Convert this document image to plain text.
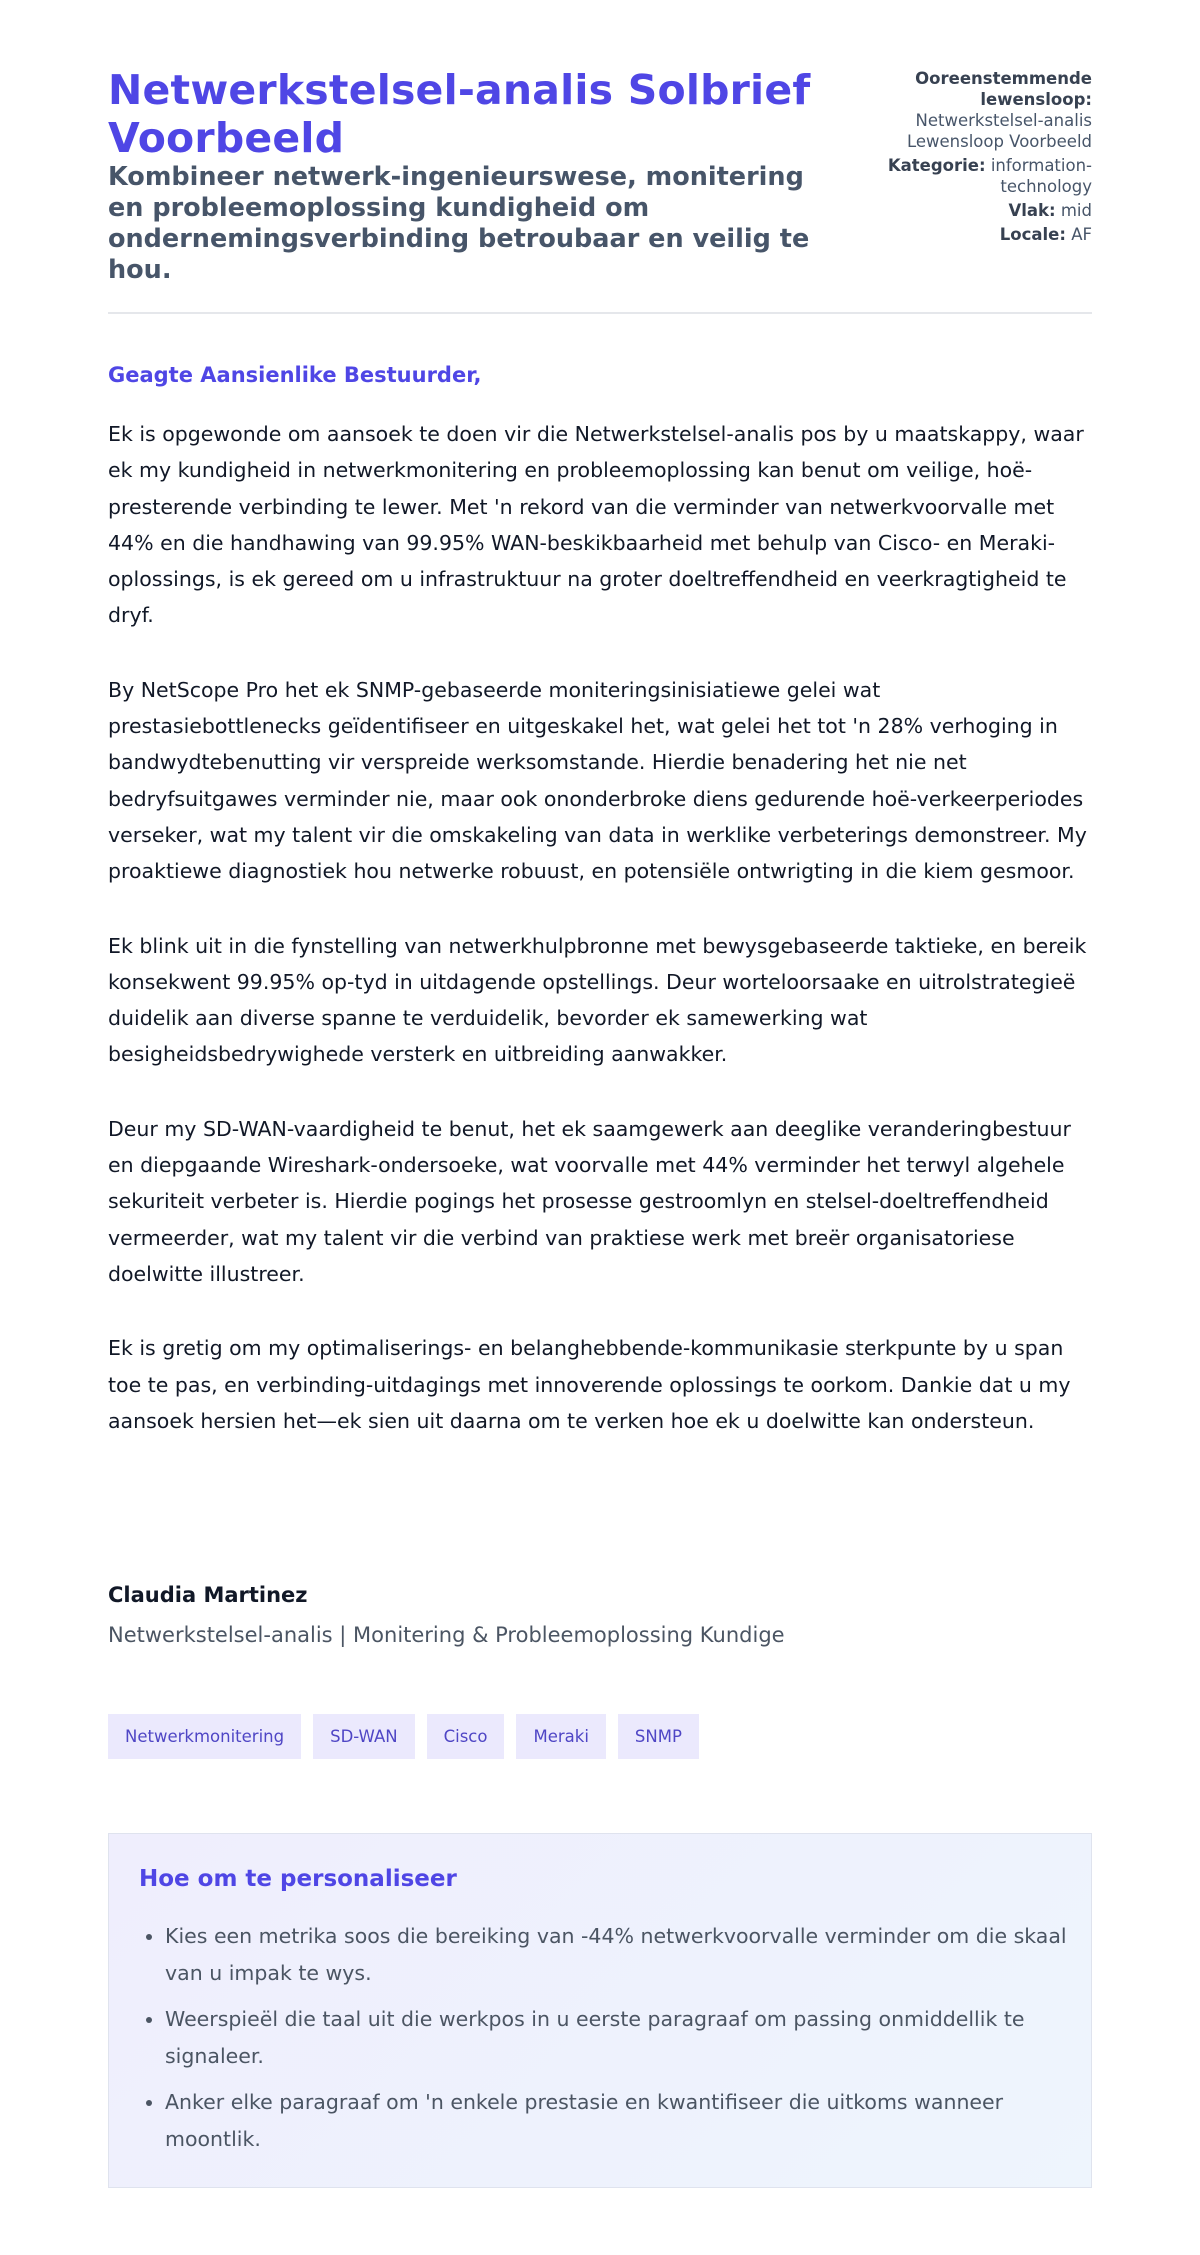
Netwerkstelsel-analis Solbrief Voorbeeld
Kombineer netwerk-ingenieurswese, monitering en probleemoplossing kundigheid om ondernemingsverbinding betroubaar en veilig te hou.
Ooreenstemmende lewensloop: Netwerkstelsel-analis Lewensloop Voorbeeld
Kategorie: information-technology
Vlak: mid
Locale: AF

Geagte Aansienlike Bestuurder,

Ek is opgewonde om aansoek te doen vir die Netwerkstelsel-analis pos by u maatskappy, waar ek my kundigheid in netwerkmonitering en probleemoplossing kan benut om veilige, hoë-presterende verbinding te lewer. Met 'n rekord van die verminder van netwerkvoorvalle met 44% en die handhawing van 99.95% WAN-beskikbaarheid met behulp van Cisco- en Meraki-oplossings, is ek gereed om u infrastruktuur na groter doeltreffendheid en veerkragtigheid te dryf.

By NetScope Pro het ek SNMP-gebaseerde moniteringsinisiatiewe gelei wat prestasiebottlenecks geïdentifiseer en uitgeskakel het, wat gelei het tot 'n 28% verhoging in bandwydtebenutting vir verspreide werksomstande. Hierdie benadering het nie net bedryfsuitgawes verminder nie, maar ook ononderbroke diens gedurende hoë-verkeerperiodes verseker, wat my talent vir die omskakeling van data in werklike verbeterings demonstreer. My proaktiewe diagnostiek hou netwerke robuust, en potensiële ontwrigting in die kiem gesmoor.

Ek blink uit in die fynstelling van netwerkhulpbronne met bewysgebaseerde taktieke, en bereik konsekwent 99.95% op-tyd in uitdagende opstellings. Deur worteloorsaake en uitrolstrategieë duidelik aan diverse spanne te verduidelik, bevorder ek samewerking wat besigheidsbedrywighede versterk en uitbreiding aanwakker.

Deur my SD-WAN-vaardigheid te benut, het ek saamgewerk aan deeglike veranderingbestuur en diepgaande Wireshark-ondersoeke, wat voorvalle met 44% verminder het terwyl algehele sekuriteit verbeter is. Hierdie pogings het prosesse gestroomlyn en stelsel-doeltreffendheid vermeerder, wat my talent vir die verbind van praktiese werk met breër organisatoriese doelwitte illustreer.

Ek is gretig om my optimaliserings- en belanghebbende-kommunikasie sterkpunte by u span toe te pas, en verbinding-uitdagings met innoverende oplossings te oorkom. Dankie dat u my aansoek hersien het—ek sien uit daarna om te verken hoe ek u doelwitte kan ondersteun.

Claudia Martinez

Netwerkstelsel-analis | Monitering & Probleemoplossing Kundige

Netwerkmonitering	SD-WAN	Cisco	Meraki	SNMP
Hoe om te personaliseer
• Kies een metrika soos die bereiking van -44% netwerkvoorvalle verminder om die skaal van u impak te wys.
• Weerspieël die taal uit die werkpos in u eerste paragraaf om passing onmiddellik te signaleer.
• Anker elke paragraaf om 'n enkele prestasie en kwantifiseer die uitkoms wanneer moontlik.
